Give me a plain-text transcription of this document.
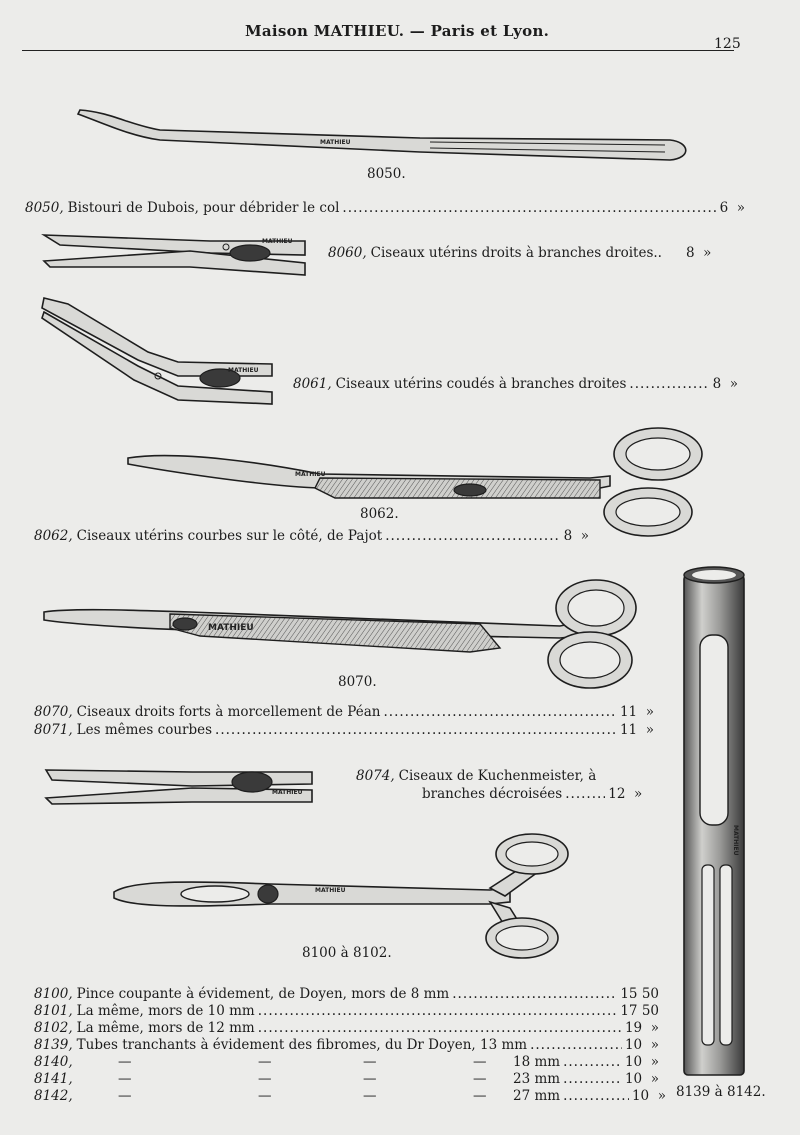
Maison MATHIEU. — Paris et Lyon.
125
MATHIEU
8050.
8050, Bistouri de Dubois, pour débrider le col .....	6  »
MATHIEU
8060, Ciseaux utérins droits à branches droites.. 8  »
MATHIEU
8061, Ciseaux utérins coudés à branches droites .....	8  »
MATHIEU
8062.
8062, Ciseaux utérins courbes sur le côté, de Pajot .....	8  »
MATHIEU
8070.
8070, Ciseaux droits forts à morcellement de Péan .....	11  »
8071, Les mêmes courbes .....	11  »
MATHIEU
8074, Ciseaux de Kuchenmeister, à
branches décroisées .....	12  »
MATHIEU
8100 à 8102.
MATHIEU
8139 à 8142.
8100, Pince coupante à évidement, de Doyen, mors de 8 mm .....	15 50
8101, La même, mors de 10 mm .....	17 50
8102, La même, mors de 12 mm .....	19  »
8139, Tubes tranchants à évidement des fibromes, du Dr Doyen, 13 mm .....	10  »
8140,	—	—	—	—	18 mm .....	10  »
8141,	—	—	—	—	23 mm .....	10  »
8142,	—	—	—	—	27 mm .....	10  »
